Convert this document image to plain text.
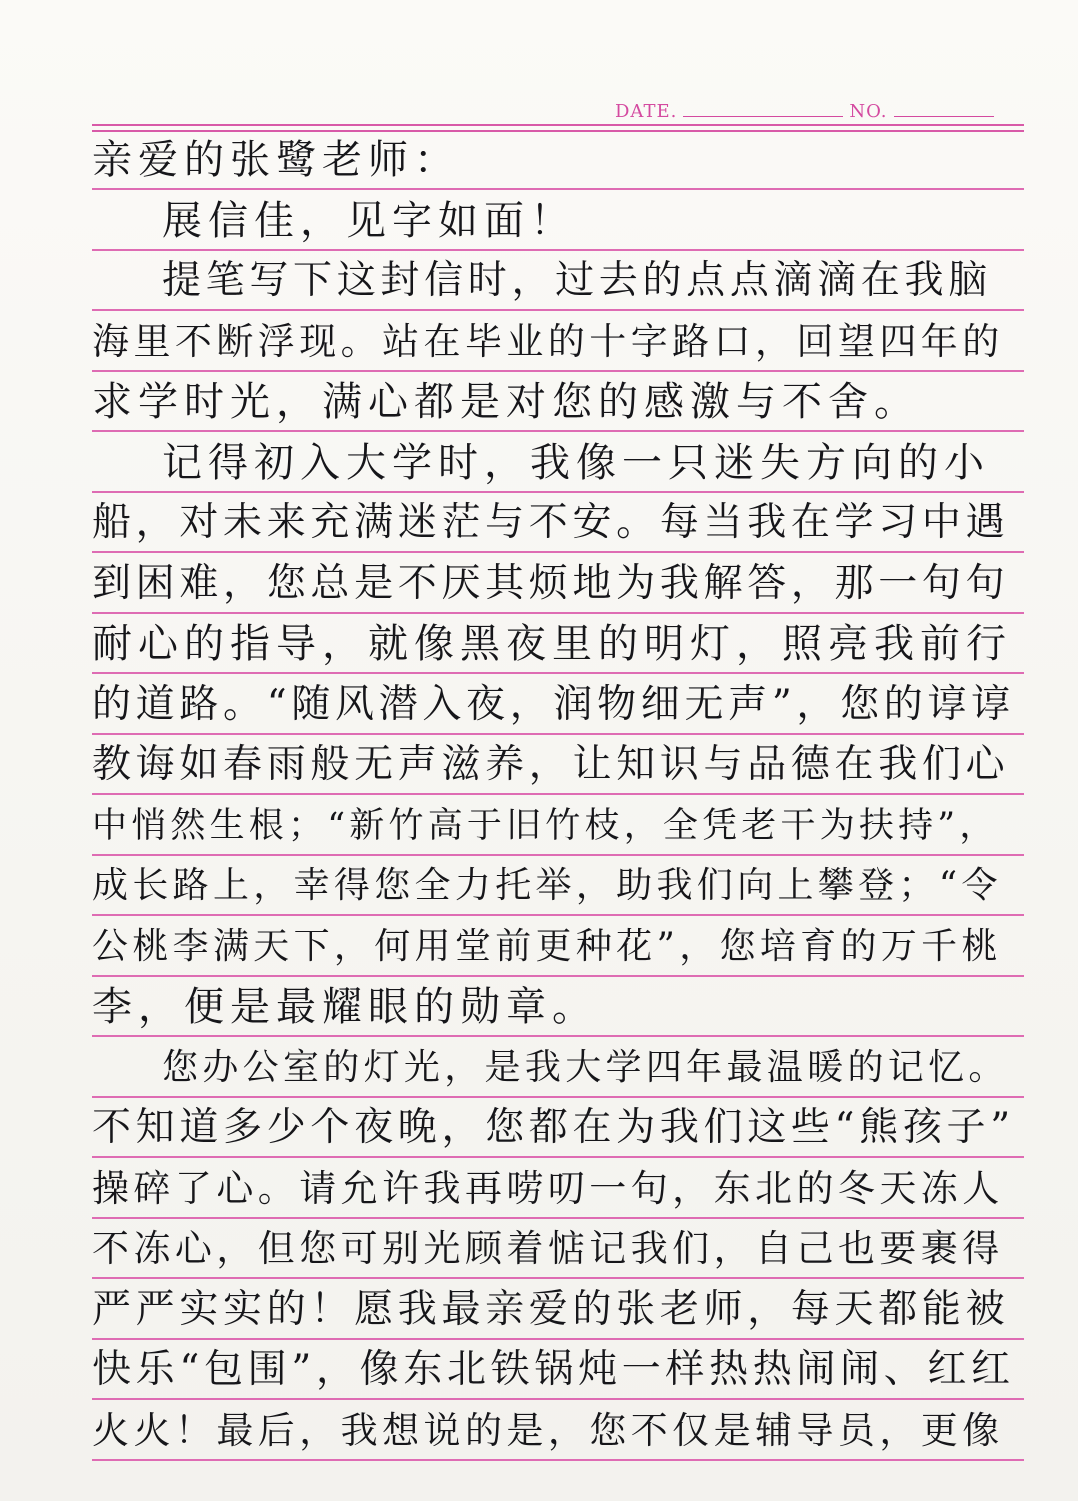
DATE.	NO.
亲爱的张鹭老师：
展信佳，见字如面！
提笔写下这封信时，过去的点点滴滴在我脑
海里不断浮现。站在毕业的十字路口，回望四年的
求学时光，满心都是对您的感激与不舍。
记得初入大学时，我像一只迷失方向的小
船，对未来充满迷茫与不安。每当我在学习中遇
到困难，您总是不厌其烦地为我解答，那一句句
耐心的指导，就像黑夜里的明灯，照亮我前行
的道路。“随风潜入夜，润物细无声”，您的谆谆
教诲如春雨般无声滋养，让知识与品德在我们心
中悄然生根；“新竹高于旧竹枝，全凭老干为扶持”，
成长路上，幸得您全力托举，助我们向上攀登；“令
公桃李满天下，何用堂前更种花”，您培育的万千桃
李，便是最耀眼的勋章。
您办公室的灯光，是我大学四年最温暖的记忆。
不知道多少个夜晚，您都在为我们这些“熊孩子”
操碎了心。请允许我再唠叨一句，东北的冬天冻人
不冻心，但您可别光顾着惦记我们，自己也要裹得
严严实实的！愿我最亲爱的张老师，每天都能被
快乐“包围”，像东北铁锅炖一样热热闹闹、红红
火火！最后，我想说的是，您不仅是辅导员，更像
